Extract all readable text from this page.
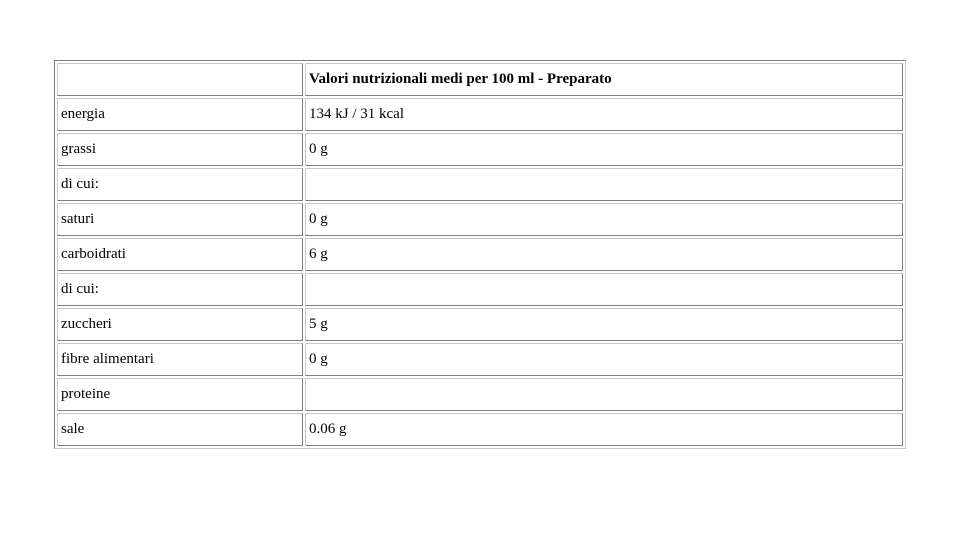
	Valori nutrizionali medi per 100 ml - Preparato
energia	134 kJ / 31 kcal
grassi	0 g
di cui:	
saturi	0 g
carboidrati	6 g
di cui:	
zuccheri	5 g
fibre alimentari	0 g
proteine	
sale	0.06 g
